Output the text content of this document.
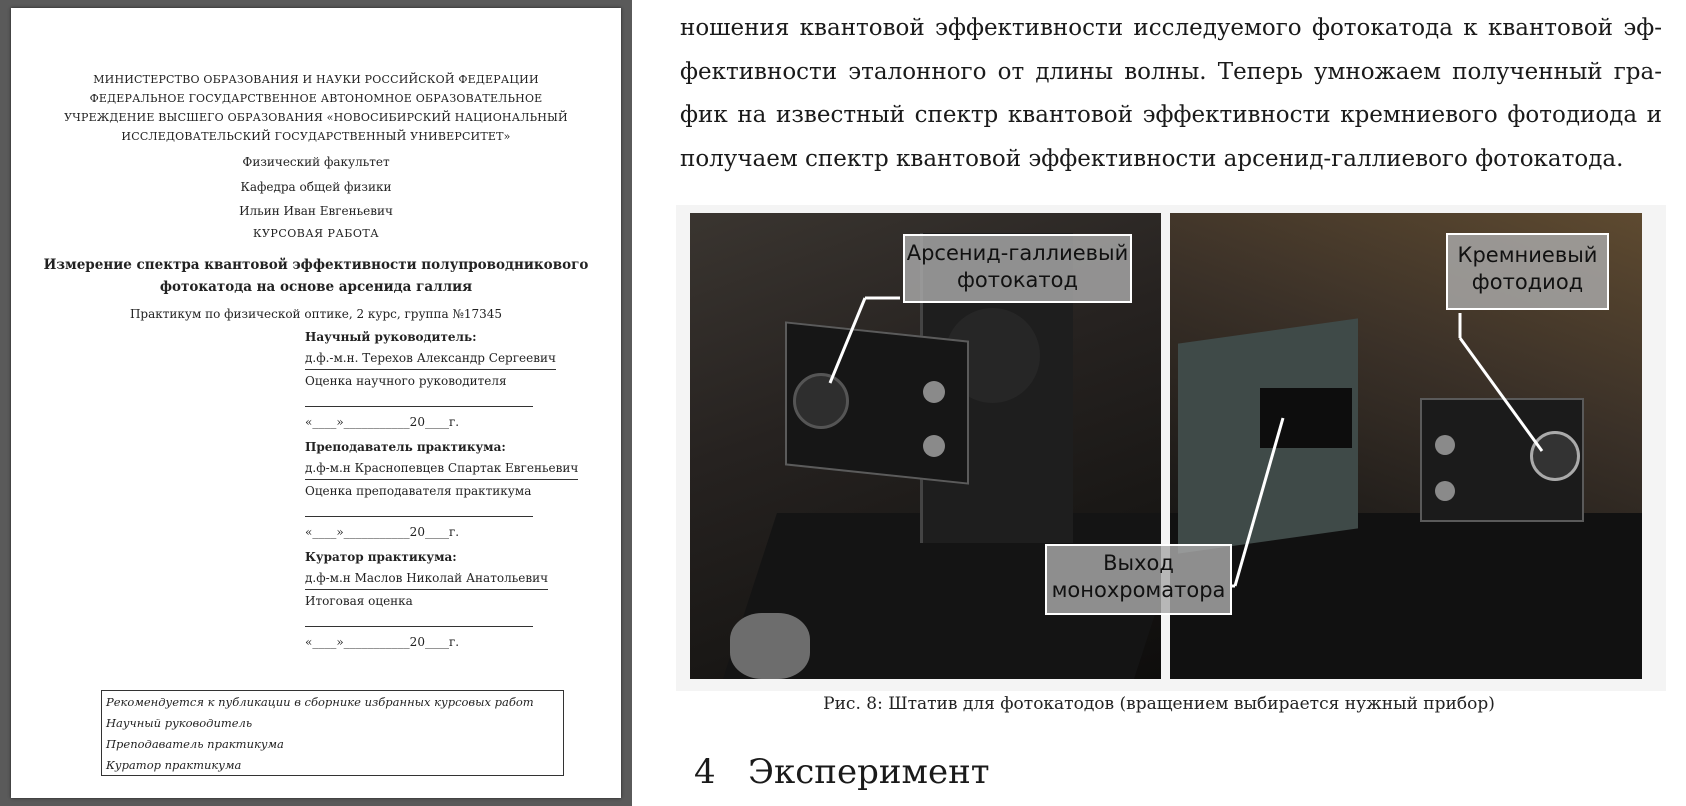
МИНИСТЕРСТВО ОБРАЗОВАНИЯ И НАУКИ РОССИЙСКОЙ ФЕДЕРАЦИИ
ФЕДЕРАЛЬНОЕ ГОСУДАРСТВЕННОЕ АВТОНОМНОЕ ОБРАЗОВАТЕЛЬНОЕ
УЧРЕЖДЕНИЕ ВЫСШЕГО ОБРАЗОВАНИЯ «НОВОСИБИРСКИЙ НАЦИОНАЛЬНЫЙ
ИССЛЕДОВАТЕЛЬСКИЙ ГОСУДАРСТВЕННЫЙ УНИВЕРСИТЕТ»
Физический факультет
Кафедра общей физики
Ильин Иван Евгеньевич
КУРСОВАЯ РАБОТА
Измерение спектра квантовой эффективности полупроводникового
фотокатода на основе арсенида галлия
Практикум по физической оптике, 2 курс, группа №17345
Научный руководитель:
д.ф.-м.н. Терехов Александр Сергеевич
Оценка научного руководителя
«____»___________20____г.
Преподаватель практикума:
д.ф-м.н Краснопевцев Спартак Евгеньевич
Оценка преподавателя практикума
«____»___________20____г.
Куратор практикума:
д.ф-м.н Маслов Николай Анатольевич
Итоговая оценка
«____»___________20____г.
Рекомендуется к публикации в сборнике избранных курсовых работ
Научный руководитель
Преподаватель практикума
Куратор практикума
ношения квантовой эффективности исследуемого фотокатода к квантовой эф-
фективности эталонного от длины волны. Теперь умножаем полученный гра-
фик на известный спектр квантовой эффективности кремниевого фотодиода и
получаем спектр квантовой эффективности арсенид-галлиевого фотокатода.
Арсенид-галлиевый
фотокатод
Кремниевый
фотодиод
Выход
монохроматора
Рис. 8: Штатив для фотокатодов (вращением выбирается нужный прибор)
4 Эксперимент
